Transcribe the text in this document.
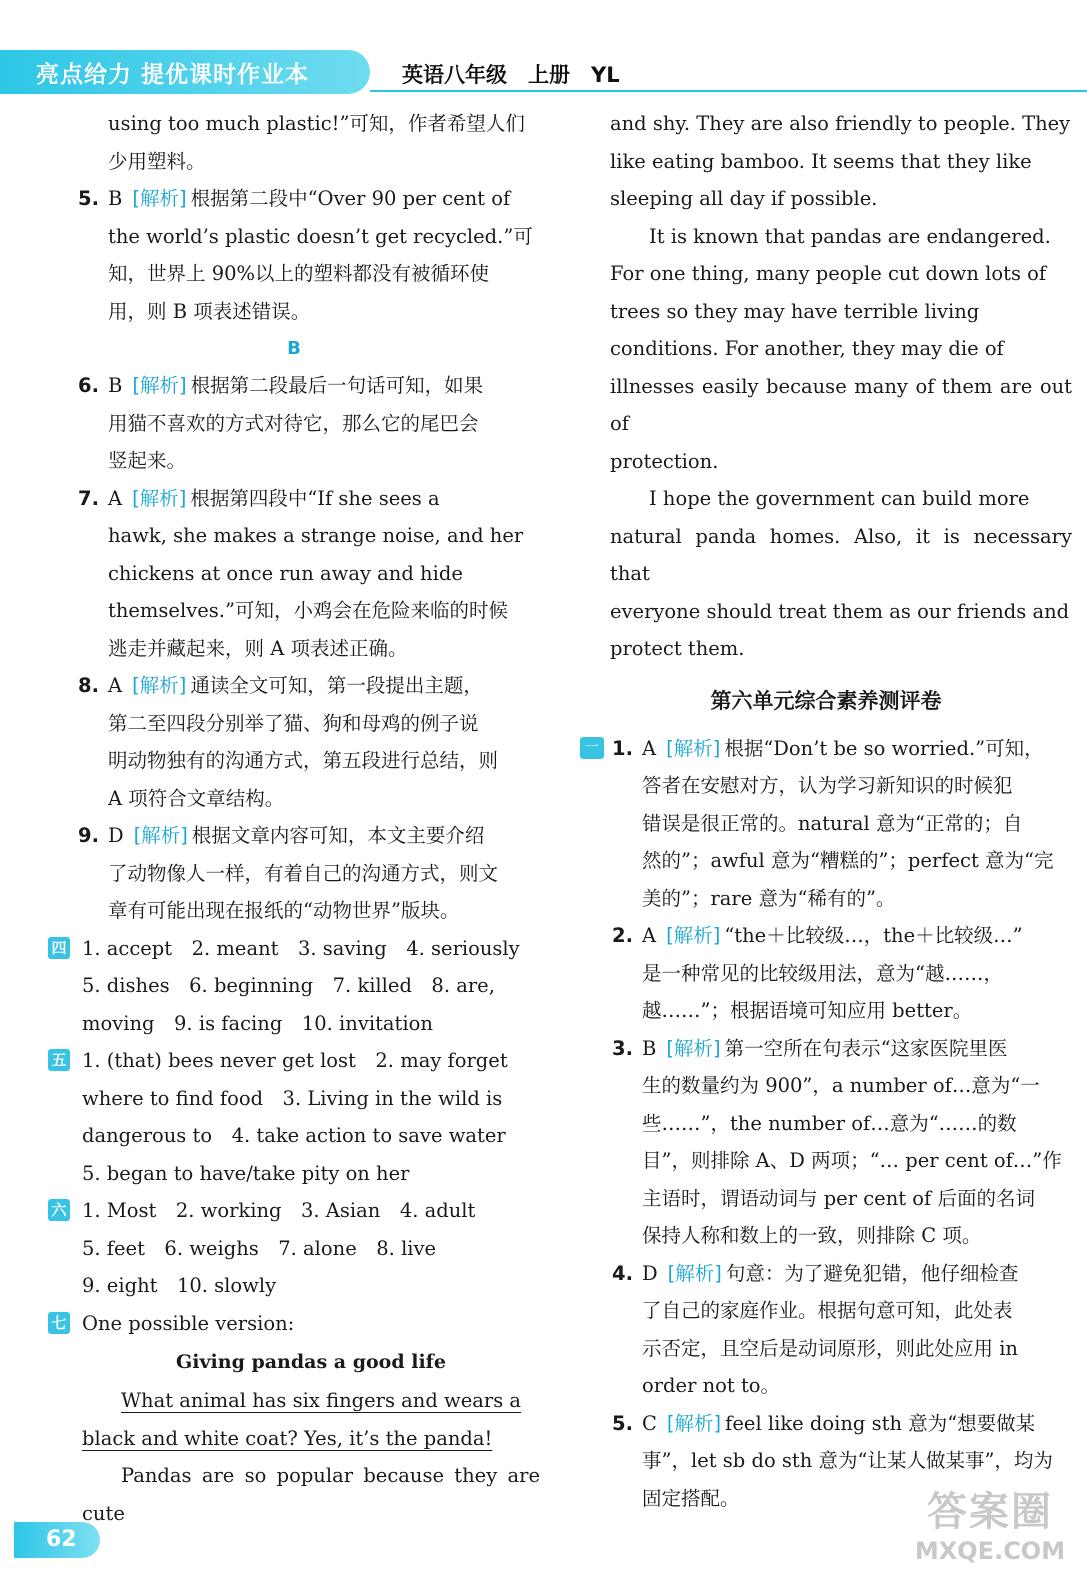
亮点给力 提优课时作业本	英语八年级　上册　YL
using too much plastic!”可知，作者希望人们
少用塑料。
5. B [解析] 根据第二段中“Over 90 per cent of
the world’s plastic doesn’t get recycled.”可
知，世界上 90%以上的塑料都没有被循环使
用，则 B 项表述错误。
B
6. B [解析] 根据第二段最后一句话可知，如果
用猫不喜欢的方式对待它，那么它的尾巴会
竖起来。
7. A [解析] 根据第四段中“If she sees a
hawk, she makes a strange noise, and her
chickens at once run away and hide
themselves.”可知，小鸡会在危险来临的时候
逃走并藏起来，则 A 项表述正确。
8. A [解析] 通读全文可知，第一段提出主题，
第二至四段分别举了猫、狗和母鸡的例子说
明动物独有的沟通方式，第五段进行总结，则
A 项符合文章结构。
9. D [解析] 根据文章内容可知，本文主要介绍
了动物像人一样，有着自己的沟通方式，则文
章有可能出现在报纸的“动物世界”版块。
四 1. accept　2. meant　3. saving　4. seriously
5. dishes　6. beginning　7. killed　8. are,
moving　9. is facing　10. invitation
五 1. (that) bees never get lost　2. may forget
where to find food　3. Living in the wild is
dangerous to　4. take action to save water
5. began to have/take pity on her
六 1. Most　2. working　3. Asian　4. adult
5. feet　6. weighs　7. alone　8. live
9. eight　10. slowly
七 One possible version:
Giving pandas a good life
What animal has six fingers and wears a
black and white coat? Yes, it’s the panda!
Pandas are so popular because they are cute
and shy. They are also friendly to people. They
like eating bamboo. It seems that they like
sleeping all day if possible.
It is known that pandas are endangered.
For one thing, many people cut down lots of
trees so they may have terrible living
conditions. For another, they may die of
illnesses easily because many of them are out of
protection.
I hope the government can build more
natural panda homes. Also, it is necessary that
everyone should treat them as our friends and
protect them.
第六单元综合素养测评卷
一 1. A [解析] 根据“Don’t be so worried.”可知，
答者在安慰对方，认为学习新知识的时候犯
错误是很正常的。natural 意为“正常的；自
然的”；awful 意为“糟糕的”；perfect 意为“完
美的”；rare 意为“稀有的”。
2. A [解析] “the＋比较级…，the＋比较级…”
是一种常见的比较级用法，意为“越……，
越……”；根据语境可知应用 better。
3. B [解析] 第一空所在句表示“这家医院里医
生的数量约为 900”，a number of…意为“一
些……”，the number of…意为“……的数
目”，则排除 A、D 两项；“… per cent of…”作
主语时，谓语动词与 per cent of 后面的名词
保持人称和数上的一致，则排除 C 项。
4. D [解析] 句意：为了避免犯错，他仔细检查
了自己的家庭作业。根据句意可知，此处表
示否定，且空后是动词原形，则此处应用 in
order not to。
5. C [解析] feel like doing sth 意为“想要做某
事”，let sb do sth 意为“让某人做某事”，均为
固定搭配。
62
答案圈
MXQE.COM
